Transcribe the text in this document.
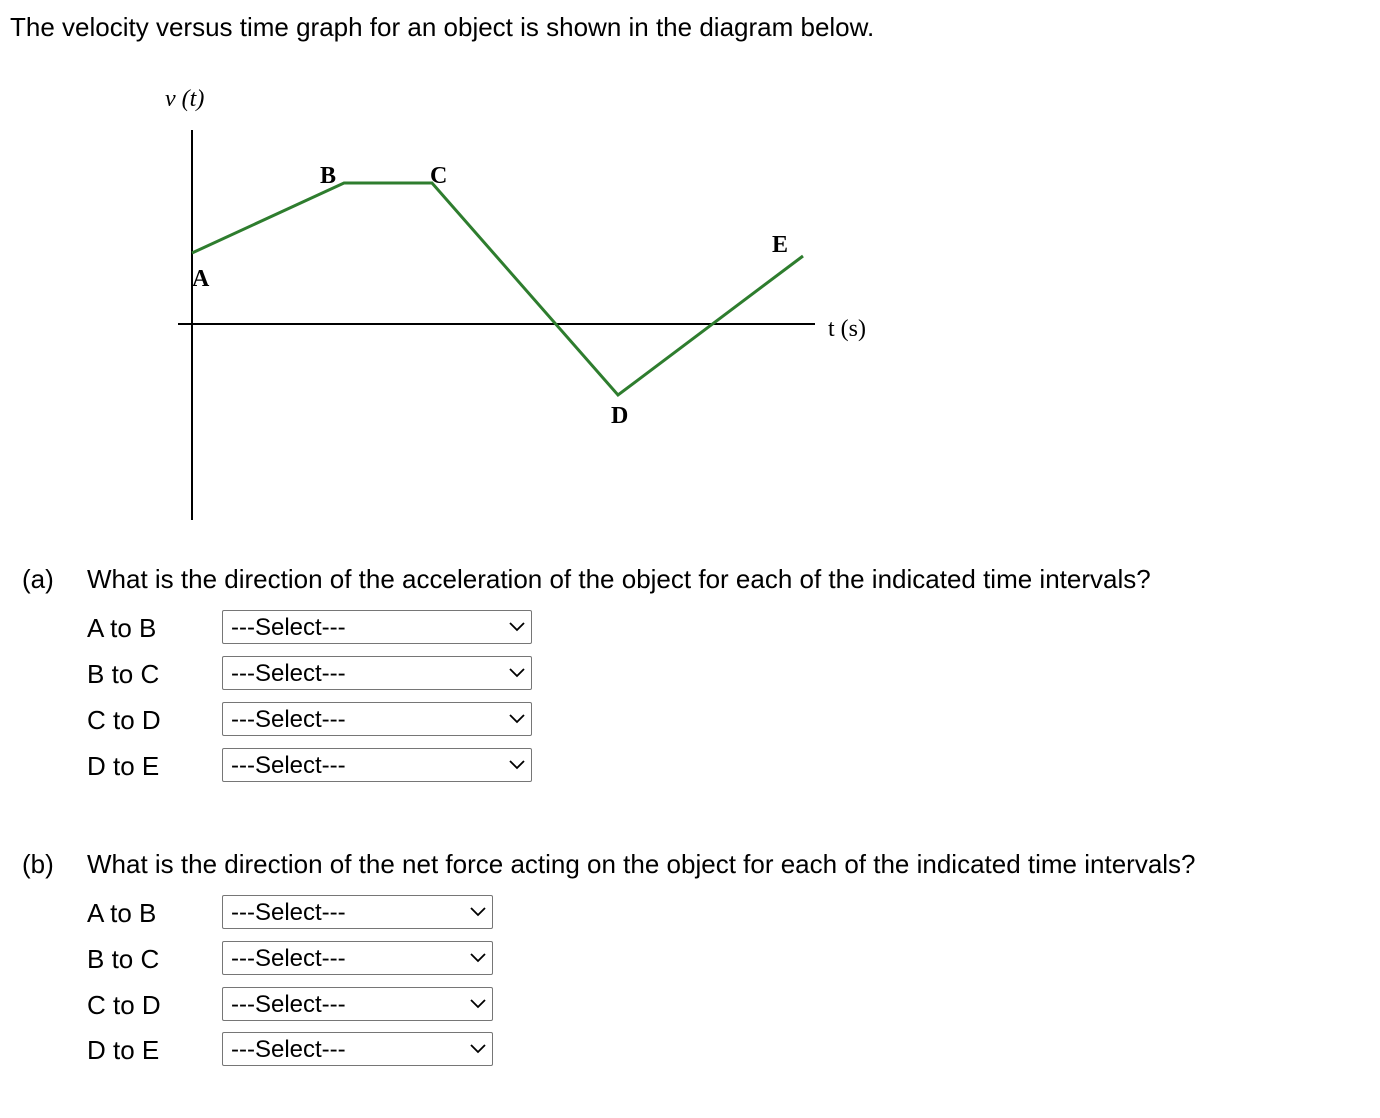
The velocity versus time graph for an object is shown in the diagram below.
v (t)
t (s)
A
B	C
D
E
(a) What is the direction of the acceleration of the object for each of the indicated time intervals?
A to B	---Select---
B to C	---Select---
C to D	---Select---
D to E	---Select---
(b) What is the direction of the net force acting on the object for each of the indicated time intervals?
A to B	---Select---
B to C	---Select---
C to D	---Select---
D to E	---Select---
